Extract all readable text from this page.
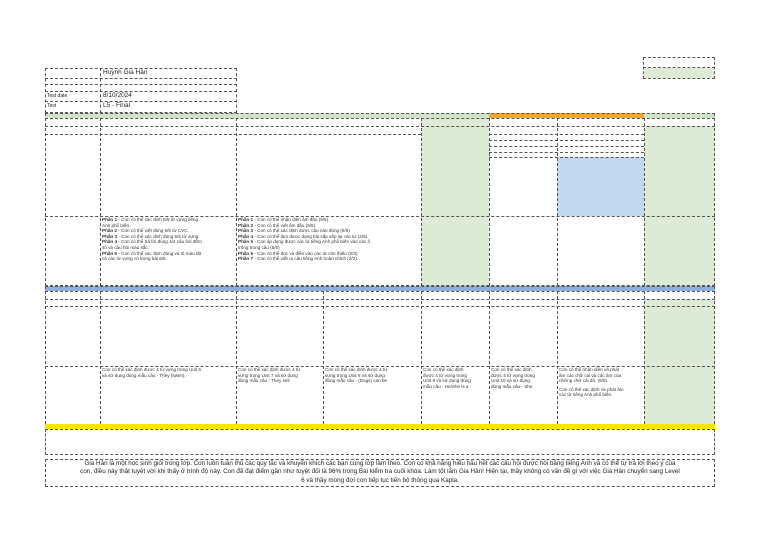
Huỳnh Gia Hân
Test date	8/10/2024
Test	L5 - Final
Phần 1 - Con có thể xác định 5/5 từ vựng tiếng
Anh phổ biến.
Phần 2 - Con có thể viết đúng 5/5 từ CVC.
Phần 3 - Con có thể xác định đúng 5/5 từ vựng.
Phần 4 - Con có thể trả lời đúng 4/4 câu hỏi đếm
số và câu hỏi màu sắc.
Phần 5 - Con có thể xác định đúng và tô màu tất
cả các từ vựng có trong bài 6/6.
Phần 1 - Con có thể nhận diện âm đầu (5/5)
Phần 2 - Con có thể viết âm đầu (5/5)
Phần 3 - Con có thể xác định được câu nào đúng (5/5)
Phần 4 - Con có thể làm được dạng bài sắp xếp lại các từ (4/5)
Phần 5 - Con áp dụng được các từ tiếng Anh phổ biến vào các ô
trống trong câu (5/5)
Phần 6 - Con có thể đọc và điền vào các từ còn thiếu (0/3)
Phần 7 - Con có thể viết ra câu tiếng Anh hoàn chỉnh (2/2)
Con có thể xác định được 4 từ vựng trong Unit 6
và sử dụng đúng mẫu câu - They (swim).
Con có thể xác định được 4 từ
vựng trong Unit 7 và sử dụng
đúng mẫu câu - They sell
Con có thể xác định được 4 từ
vựng trong Unit 8 và sử dụng
đúng mẫu câu - (Dogs) can be
Con có thể xác định
được 4 từ vựng trong
Unit 9 và sử dụng đúng
mẫu câu - He/She is a
Con có thể xác định
được 4 từ vựng trong
Unit 10 và sử dụng
đúng mẫu câu - She
Con có thể nhận diện và phát
âm các chữ cái và các âm của
những chữ cái đó. (5/5).
Con có thể xác định và phát âm
các từ tiếng Anh phổ biến.
Gia Hân là một học sinh giỏi trong lớp. Con luôn tuân thủ các quy tắc và khuyến khích các bạn cùng lớp làm theo. Con có khả năng hiểu hầu hết các câu hỏi được hỏi bằng tiếng Anh và có thể tự trả lời theo ý của
con, điều này thật tuyệt vời khi thấy ở trình độ này. Con đã đạt điểm gần như tuyệt đối là 96% trong Bài kiểm tra cuối khóa. Làm tốt lắm Gia Hân! Hiện tại, thầy không có vấn đề gì với việc Gia Hân chuyển sang Level
6 và thầy mong đợi con tiếp tục tiến bộ thông qua Kapla.
